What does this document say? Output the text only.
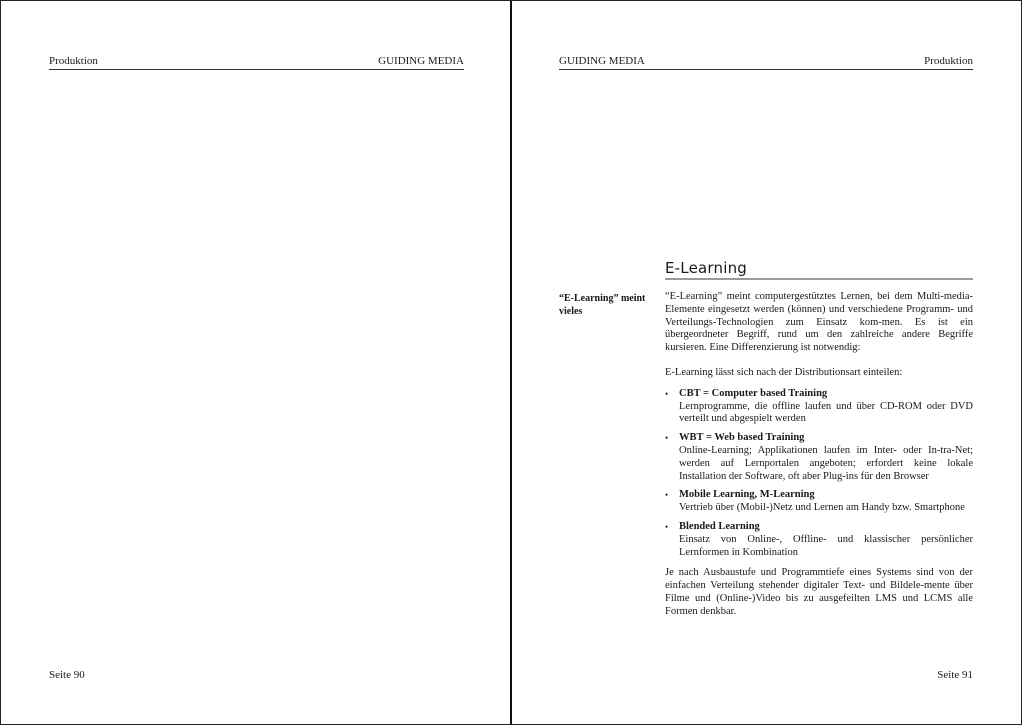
Produktion	GUIDING MEDIA
Seite 90
GUIDING MEDIA	Produktion
E-Learning
“E-Learning” meint vieles

“E-Learning” meint computergestütztes Lernen, bei dem Multi-media-Elemente eingesetzt werden (können) und verschiedene Programm- und Verteilungs-Technologien zum Einsatz kom-men. Es ist ein übergeordneter Begriff, rund um den zahlreiche andere Begriffe kursieren. Eine Differenzierung ist notwendig:

E-Learning lässt sich nach der Distributionsart einteilen:

• CBT = Computer based Training
Lernprogramme, die offline laufen und über CD-ROM oder DVD verteilt und abgespielt werden
• WBT = Web based Training
Online-Learning; Applikationen laufen im Inter- oder In-tra-Net; werden auf Lernportalen angeboten; erfordert keine lokale Installation der Software, oft aber Plug-ins für den Browser
• Mobile Learning, M-Learning
Vertrieb über (Mobil-)Netz und Lernen am Handy bzw. Smartphone
• Blended Learning
Einsatz von Online-, Offline- und klassischer persönlicher Lernformen in Kombination

Je nach Ausbaustufe und Programmtiefe eines Systems sind von der einfachen Verteilung stehender digitaler Text- und Bildele-mente über Filme und (Online-)Video bis zu ausgefeilten LMS und LCMS alle Formen denkbar.

Seite 91
